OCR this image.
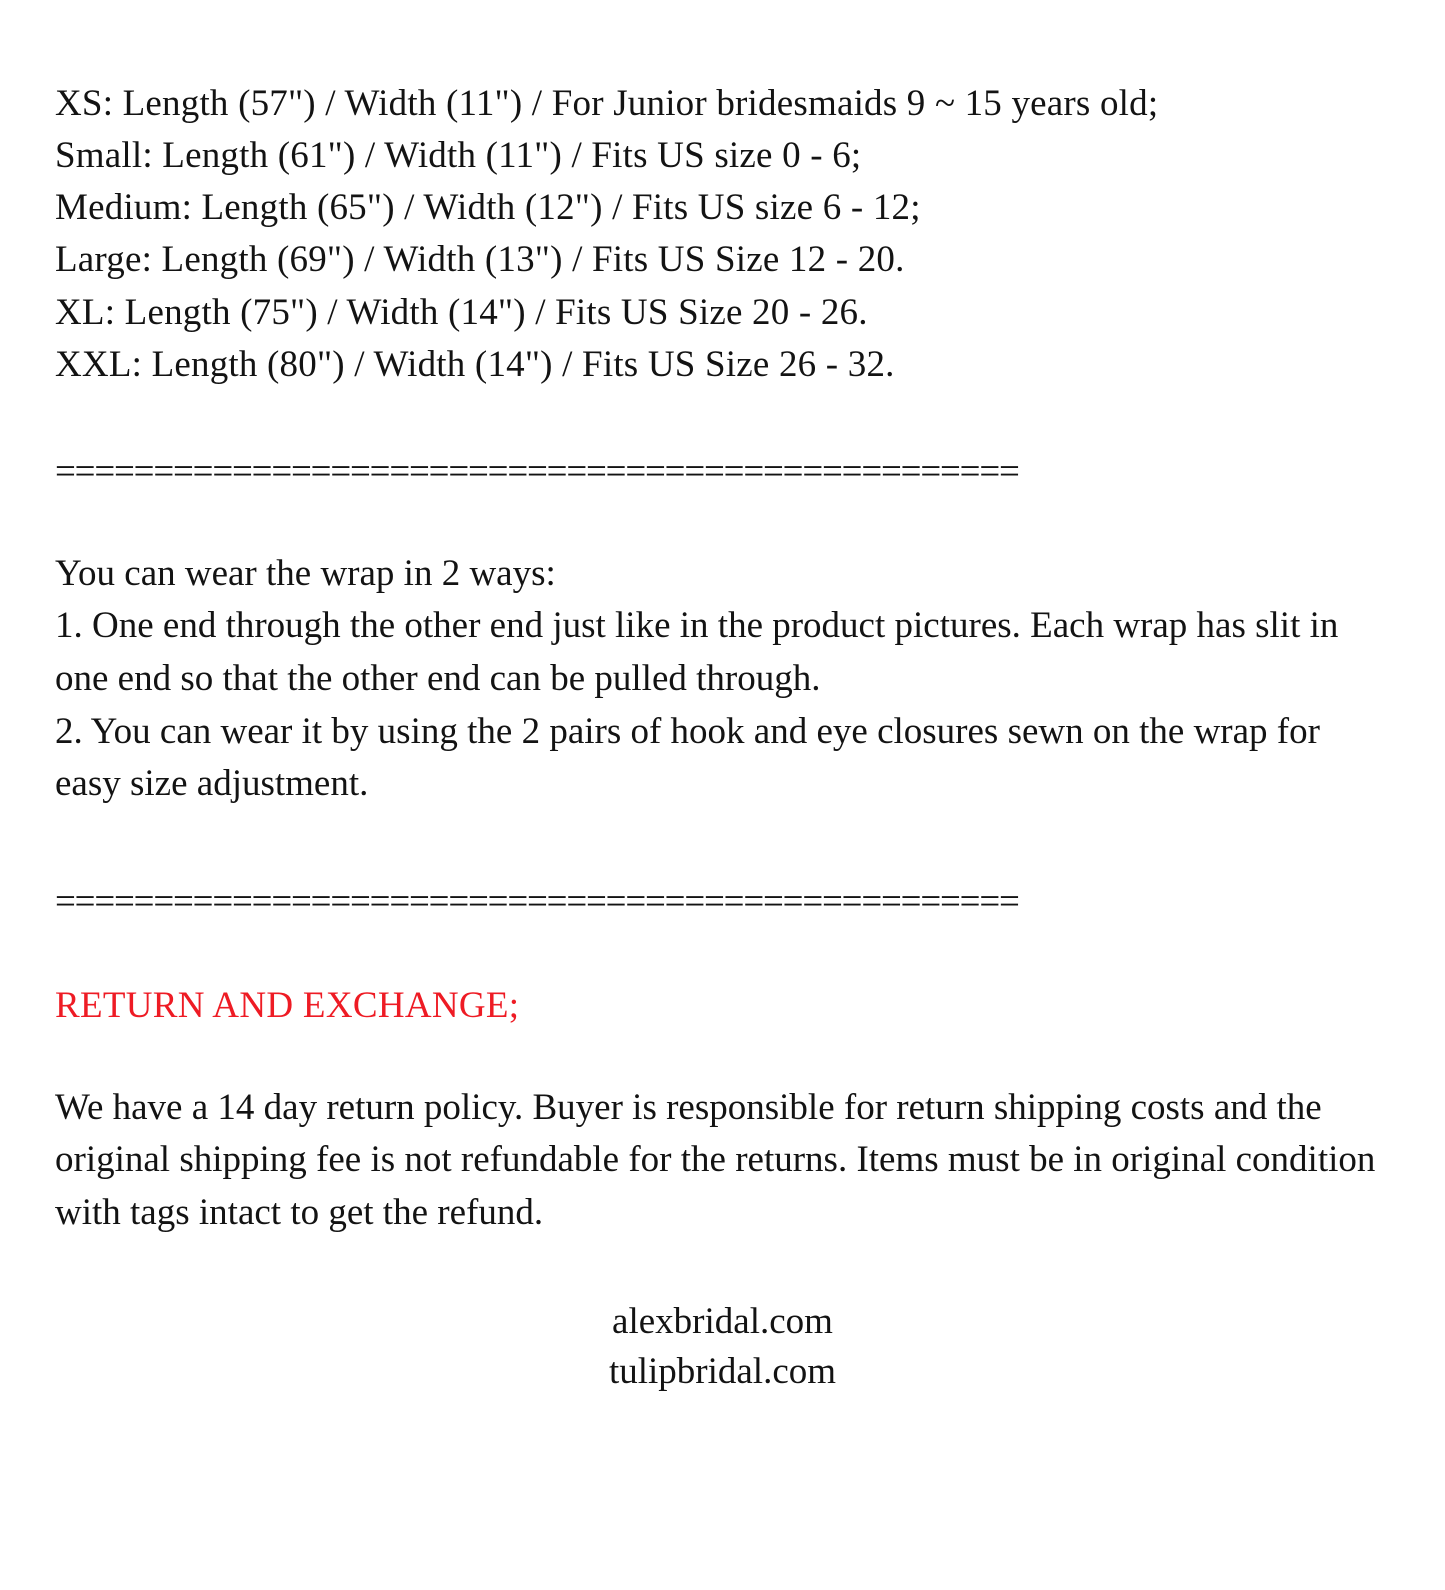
XS: Length (57") / Width (11") / For Junior bridesmaids 9 ~ 15 years old;
Small: Length (61") / Width (11") / Fits US size 0 - 6;
Medium: Length (65") / Width (12") / Fits US size 6 - 12;
Large: Length (69") / Width (13") / Fits US Size 12 - 20.
XL: Length (75") / Width (14") / Fits US Size 20 - 26.
XXL: Length (80") / Width (14") / Fits US Size 26 - 32.
=================================================
You can wear the wrap in 2 ways:
1. One end through the other end just like in the product pictures. Each wrap has slit in one end so that the other end can be pulled through.
2. You can wear it by using the 2 pairs of hook and eye closures sewn on the wrap for easy size adjustment.
=================================================
RETURN AND EXCHANGE;
We have a 14 day return policy. Buyer is responsible for return shipping costs and the original shipping fee is not refundable for the returns. Items must be in original condition with tags intact to get the refund.
alexbridal.com
tulipbridal.com
